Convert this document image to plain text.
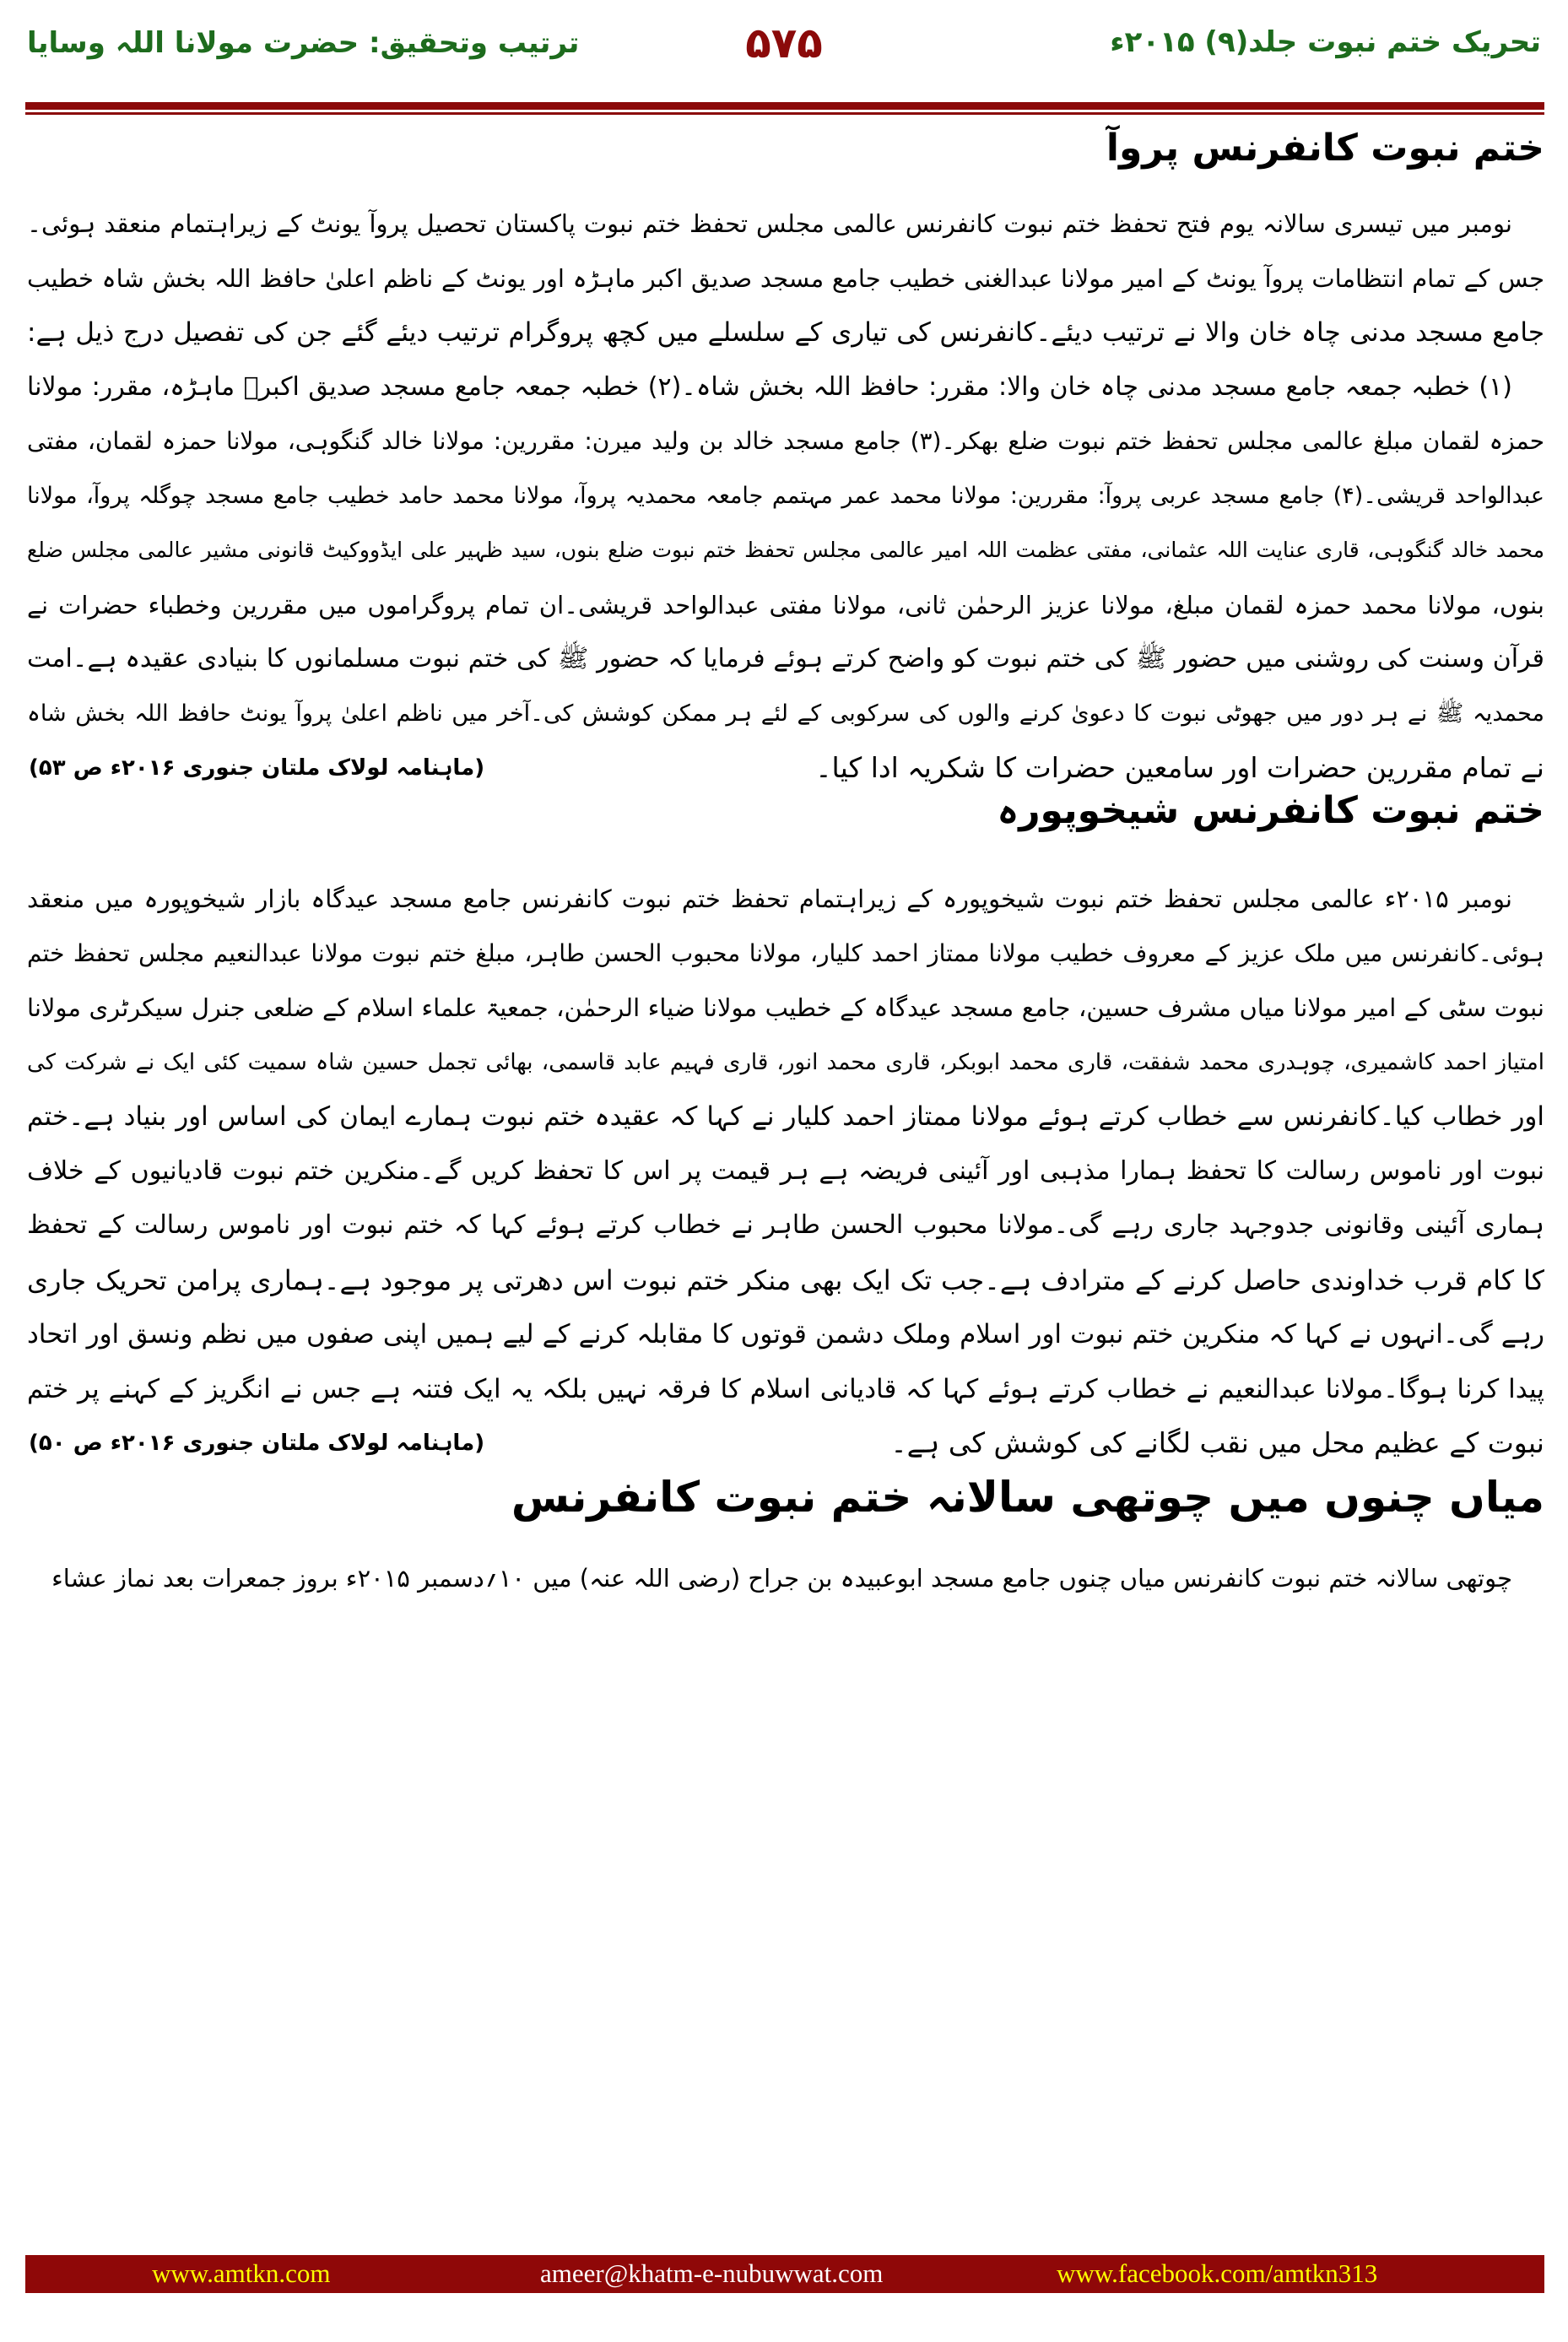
تحریک ختم نبوت جلد(۹) ۲۰۱۵ء
۵۷۵
ترتیب وتحقیق: حضرت مولانا اللہ وسایا
ختم نبوت کانفرنس پروآ
نومبر میں تیسری سالانہ یوم فتح تحفظ ختم نبوت کانفرنس عالمی مجلس تحفظ ختم نبوت پاکستان تحصیل پروآ یونٹ کے زیراہتمام منعقد ہوئی۔
جس کے تمام انتظامات پروآ یونٹ کے امیر مولانا عبدالغنی خطیب جامع مسجد صدیق اکبر ماہڑہ اور یونٹ کے ناظم اعلیٰ حافظ اللہ بخش شاہ خطیب
جامع مسجد مدنی چاہ خان والا نے ترتیب دیئے۔کانفرنس کی تیاری کے سلسلے میں کچھ پروگرام ترتیب دیئے گئے جن کی تفصیل درج ذیل ہے:
(۱) خطبہ جمعہ جامع مسجد مدنی چاہ خان والا: مقرر: حافظ اللہ بخش شاہ۔(۲) خطبہ جمعہ جامع مسجد صدیق اکبرؓ ماہڑہ، مقرر: مولانا
حمزہ لقمان مبلغ عالمی مجلس تحفظ ختم نبوت ضلع بھکر۔(۳) جامع مسجد خالد بن ولید میرن: مقررین: مولانا خالد گنگوہی، مولانا حمزہ لقمان، مفتی
عبدالواحد قریشی۔(۴) جامع مسجد عربی پروآ: مقررین: مولانا محمد عمر مہتمم جامعہ محمدیہ پروآ، مولانا محمد حامد خطیب جامع مسجد چوگلہ پروآ، مولانا
محمد خالد گنگوہی، قاری عنایت اللہ عثمانی، مفتی عظمت اللہ امیر عالمی مجلس تحفظ ختم نبوت ضلع بنوں، سید ظہیر علی ایڈووکیٹ قانونی مشیر عالمی مجلس ضلع
بنوں، مولانا محمد حمزہ لقمان مبلغ، مولانا عزیز الرحمٰن ثانی، مولانا مفتی عبدالواحد قریشی۔ان تمام پروگراموں میں مقررین وخطباء حضرات نے
قرآن وسنت کی روشنی میں حضور ﷺ کی ختم نبوت کو واضح کرتے ہوئے فرمایا کہ حضور ﷺ کی ختم نبوت مسلمانوں کا بنیادی عقیدہ ہے۔امت
محمدیہ ﷺ نے ہر دور میں جھوٹی نبوت کا دعویٰ کرنے والوں کی سرکوبی کے لئے ہر ممکن کوشش کی۔آخر میں ناظم اعلیٰ پروآ یونٹ حافظ اللہ بخش شاہ
نے تمام مقررین حضرات اور سامعین حضرات کا شکریہ ادا کیا۔
(ماہنامہ لولاک ملتان جنوری ۲۰۱۶ء ص ۵۳)
ختم نبوت کانفرنس شیخوپورہ
نومبر ۲۰۱۵ء عالمی مجلس تحفظ ختم نبوت شیخوپورہ کے زیراہتمام تحفظ ختم نبوت کانفرنس جامع مسجد عیدگاہ بازار شیخوپورہ میں منعقد
ہوئی۔کانفرنس میں ملک عزیز کے معروف خطیب مولانا ممتاز احمد کلیار، مولانا محبوب الحسن طاہر، مبلغ ختم نبوت مولانا عبدالنعیم مجلس تحفظ ختم
نبوت سٹی کے امیر مولانا میاں مشرف حسین، جامع مسجد عیدگاہ کے خطیب مولانا ضیاء الرحمٰن، جمعیۃ علماء اسلام کے ضلعی جنرل سیکرٹری مولانا
امتیاز احمد کاشمیری، چوہدری محمد شفقت، قاری محمد ابوبکر، قاری محمد انور، قاری فہیم عابد قاسمی، بھائی تجمل حسین شاہ سمیت کئی ایک نے شرکت کی
اور خطاب کیا۔کانفرنس سے خطاب کرتے ہوئے مولانا ممتاز احمد کلیار نے کہا کہ عقیدہ ختم نبوت ہمارے ایمان کی اساس اور بنیاد ہے۔ختم
نبوت اور ناموس رسالت کا تحفظ ہمارا مذہبی اور آئینی فریضہ ہے ہر قیمت پر اس کا تحفظ کریں گے۔منکرین ختم نبوت قادیانیوں کے خلاف
ہماری آئینی وقانونی جدوجہد جاری رہے گی۔مولانا محبوب الحسن طاہر نے خطاب کرتے ہوئے کہا کہ ختم نبوت اور ناموس رسالت کے تحفظ
کا کام قرب خداوندی حاصل کرنے کے مترادف ہے۔جب تک ایک بھی منکر ختم نبوت اس دھرتی پر موجود ہے۔ہماری پرامن تحریک جاری
رہے گی۔انہوں نے کہا کہ منکرین ختم نبوت اور اسلام وملک دشمن قوتوں کا مقابلہ کرنے کے لیے ہمیں اپنی صفوں میں نظم ونسق اور اتحاد
پیدا کرنا ہوگا۔مولانا عبدالنعیم نے خطاب کرتے ہوئے کہا کہ قادیانی اسلام کا فرقہ نہیں بلکہ یہ ایک فتنہ ہے جس نے انگریز کے کہنے پر ختم
نبوت کے عظیم محل میں نقب لگانے کی کوشش کی ہے۔
(ماہنامہ لولاک ملتان جنوری ۲۰۱۶ء ص ۵۰)
میاں چنوں میں چوتھی سالانہ ختم نبوت کانفرنس
چوتھی سالانہ ختم نبوت کانفرنس میاں چنوں جامع مسجد ابوعبیدہ بن جراح (رضی اللہ عنہ) میں ۱۰؍دسمبر ۲۰۱۵ء بروز جمعرات بعد نماز عشاء
www.amtkn.com	ameer@khatm-e-nubuwwat.com	www.facebook.com/amtkn313
